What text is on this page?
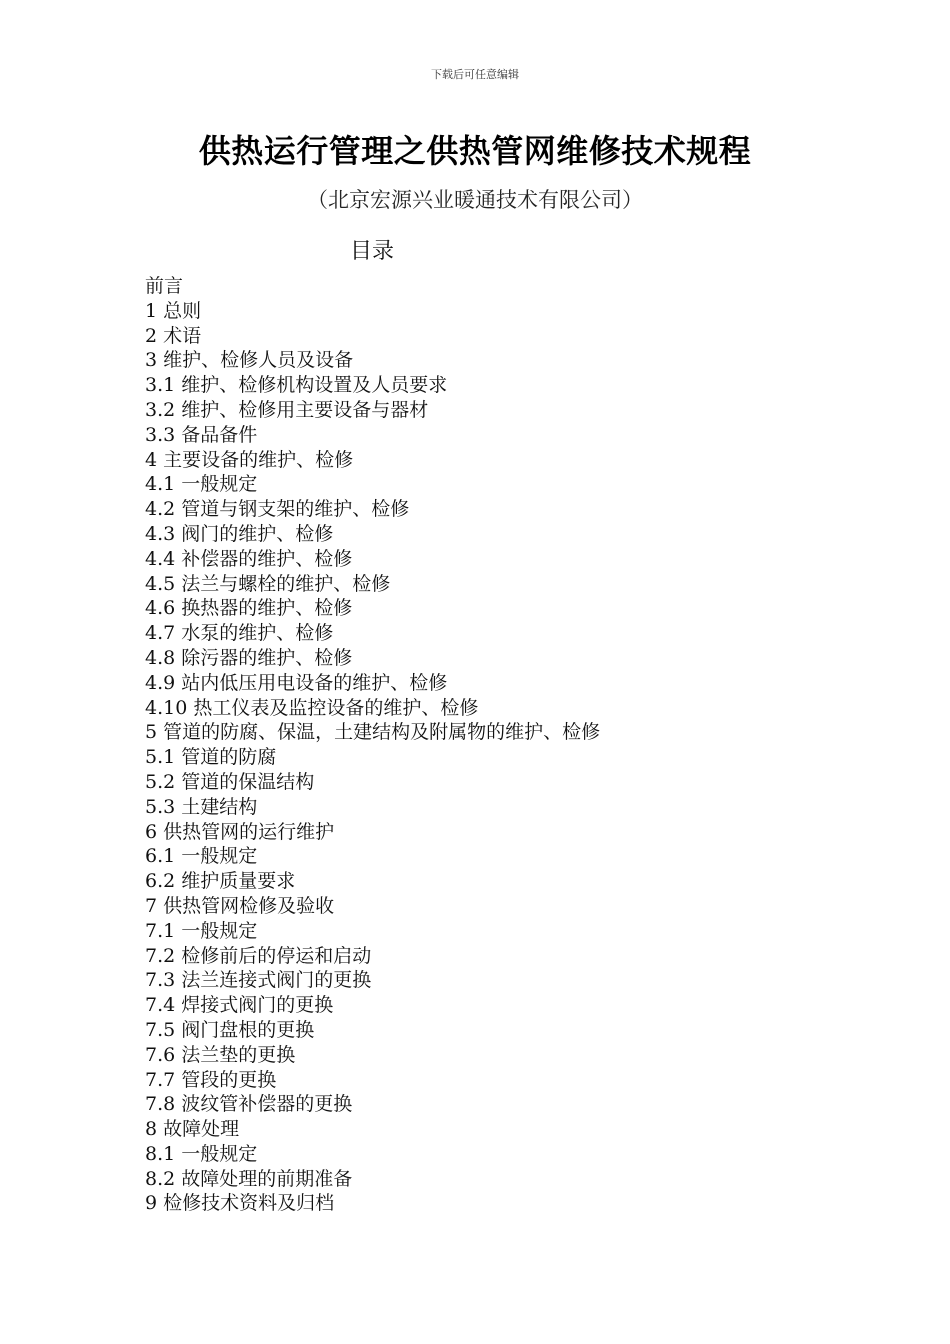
下载后可任意编辑
供热运行管理之供热管网维修技术规程
（北京宏源兴业暖通技术有限公司）
目录
前言
1 总则
2 术语
3 维护、检修人员及设备
3.1 维护、检修机构设置及人员要求
3.2 维护、检修用主要设备与器材
3.3 备品备件
4 主要设备的维护、检修
4.1 一般规定
4.2 管道与钢支架的维护、检修
4.3 阀门的维护、检修
4.4 补偿器的维护、检修
4.5 法兰与螺栓的维护、检修
4.6 换热器的维护、检修
4.7 水泵的维护、检修
4.8 除污器的维护、检修
4.9 站内低压用电设备的维护、检修
4.10 热工仪表及监控设备的维护、检修
5 管道的防腐、保温，土建结构及附属物的维护、检修
5.1 管道的防腐
5.2 管道的保温结构
5.3 土建结构
6 供热管网的运行维护
6.1 一般规定
6.2 维护质量要求
7 供热管网检修及验收
7.1 一般规定
7.2 检修前后的停运和启动
7.3 法兰连接式阀门的更换
7.4 焊接式阀门的更换
7.5 阀门盘根的更换
7.6 法兰垫的更换
7.7 管段的更换
7.8 波纹管补偿器的更换
8 故障处理
8.1 一般规定
8.2 故障处理的前期准备
9 检修技术资料及归档
